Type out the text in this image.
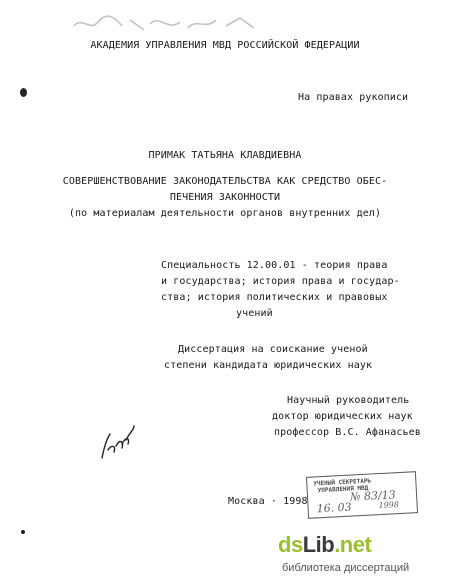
АКАДЕМИЯ УПРАВЛЕНИЯ МВД РОССИЙСКОЙ ФЕДЕРАЦИИ
На правах рукописи
ПРИМАК ТАТЬЯНА КЛАВДИЕВНА
СОВЕРШЕНСТВОВАНИЕ ЗАКОНОДАТЕЛЬСТВА КАК СРЕДСТВО ОБЕС-
ПЕЧЕНИЯ ЗАКОННОСТИ
(по материалам деятельности органов внутренних дел)
Специальность 12.00.01 - теория права
и государства; история права и государ-
ства; история политических и правовых
учений
Диссертация на соискание ученой
степени кандидата юридических наук
Научный руководитель
доктор юридических наук
профессор В.С. Афанасьев
Москва · 1998
УЧЕНЫЙ СЕКРЕТАРЬ
УПРАВЛЕНИЯ МВД
№ 83/13
16. 03	1998
dsLib.net
библиотека диссертаций
